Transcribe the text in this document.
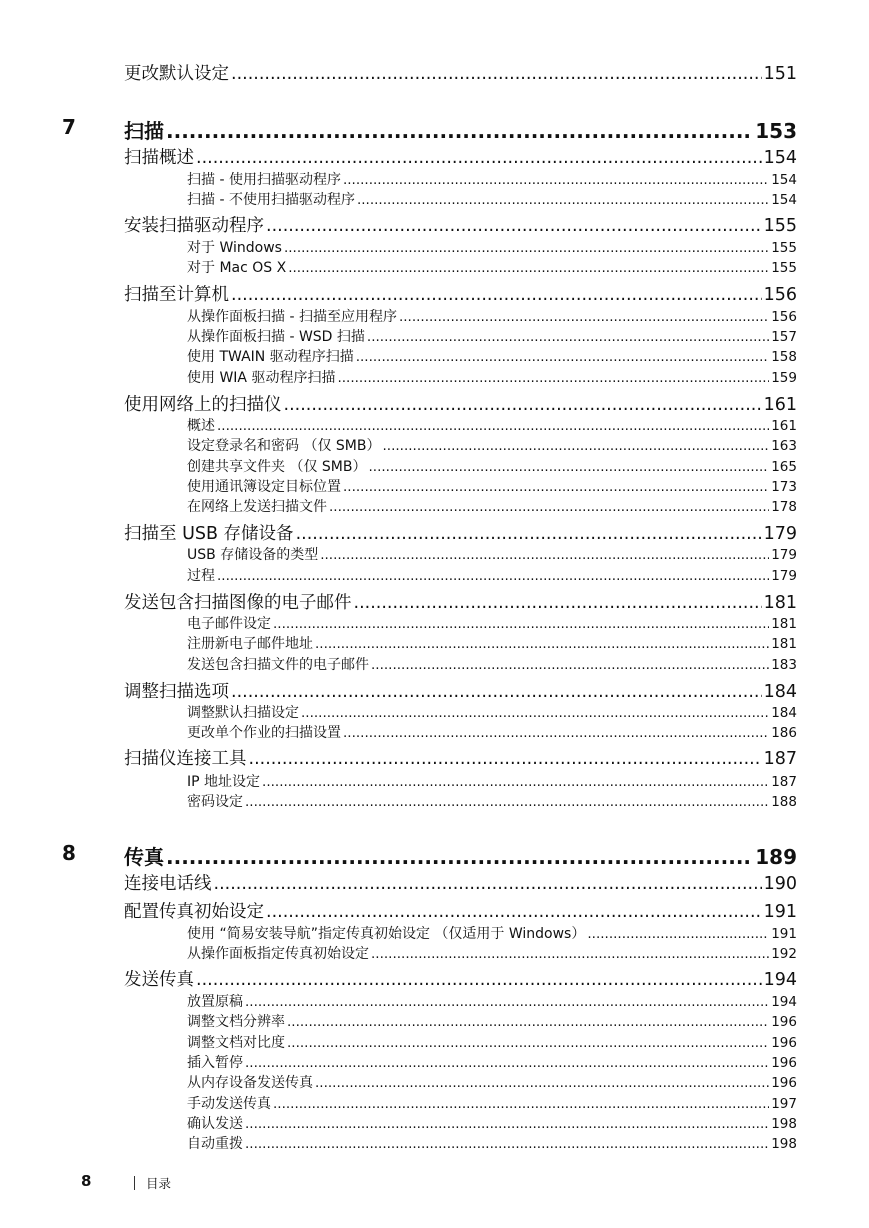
更改默认设定 .....	151
扫描 .....	153
7
扫描概述 .....	154
扫描 - 使用扫描驱动程序 .....	154
扫描 - 不使用扫描驱动程序 .....	154
安装扫描驱动程序 .....	155
对于 Windows .....	155
对于 Mac OS X .....	155
扫描至计算机 .....	156
从操作面板扫描 - 扫描至应用程序 .....	156
从操作面板扫描 - WSD 扫描 .....	157
使用 TWAIN 驱动程序扫描 .....	158
使用 WIA 驱动程序扫描 .....	159
使用网络上的扫描仪 .....	161
概述 .....	161
设定登录名和密码 （仅 SMB） .....	163
创建共享文件夹 （仅 SMB） .....	165
使用通讯簿设定目标位置 .....	173
在网络上发送扫描文件 .....	178
扫描至 USB 存储设备 .....	179
USB 存储设备的类型 .....	179
过程 .....	179
发送包含扫描图像的电子邮件 .....	181
电子邮件设定 .....	181
注册新电子邮件地址 .....	181
发送包含扫描文件的电子邮件 .....	183
调整扫描选项 .....	184
调整默认扫描设定 .....	184
更改单个作业的扫描设置 .....	186
扫描仪连接工具 .....	187
IP 地址设定 .....	187
密码设定 .....	188
传真 .....	189
8
连接电话线 .....	190
配置传真初始设定 .....	191
使用 “简易安装导航”指定传真初始设定 （仅适用于 Windows） .....	191
从操作面板指定传真初始设定 .....	192
发送传真 .....	194
放置原稿 .....	194
调整文档分辨率 .....	196
调整文档对比度 .....	196
插入暂停 .....	196
从内存设备发送传真 .....	196
手动发送传真 .....	197
确认发送 .....	198
自动重拨 .....	198
8	目录
